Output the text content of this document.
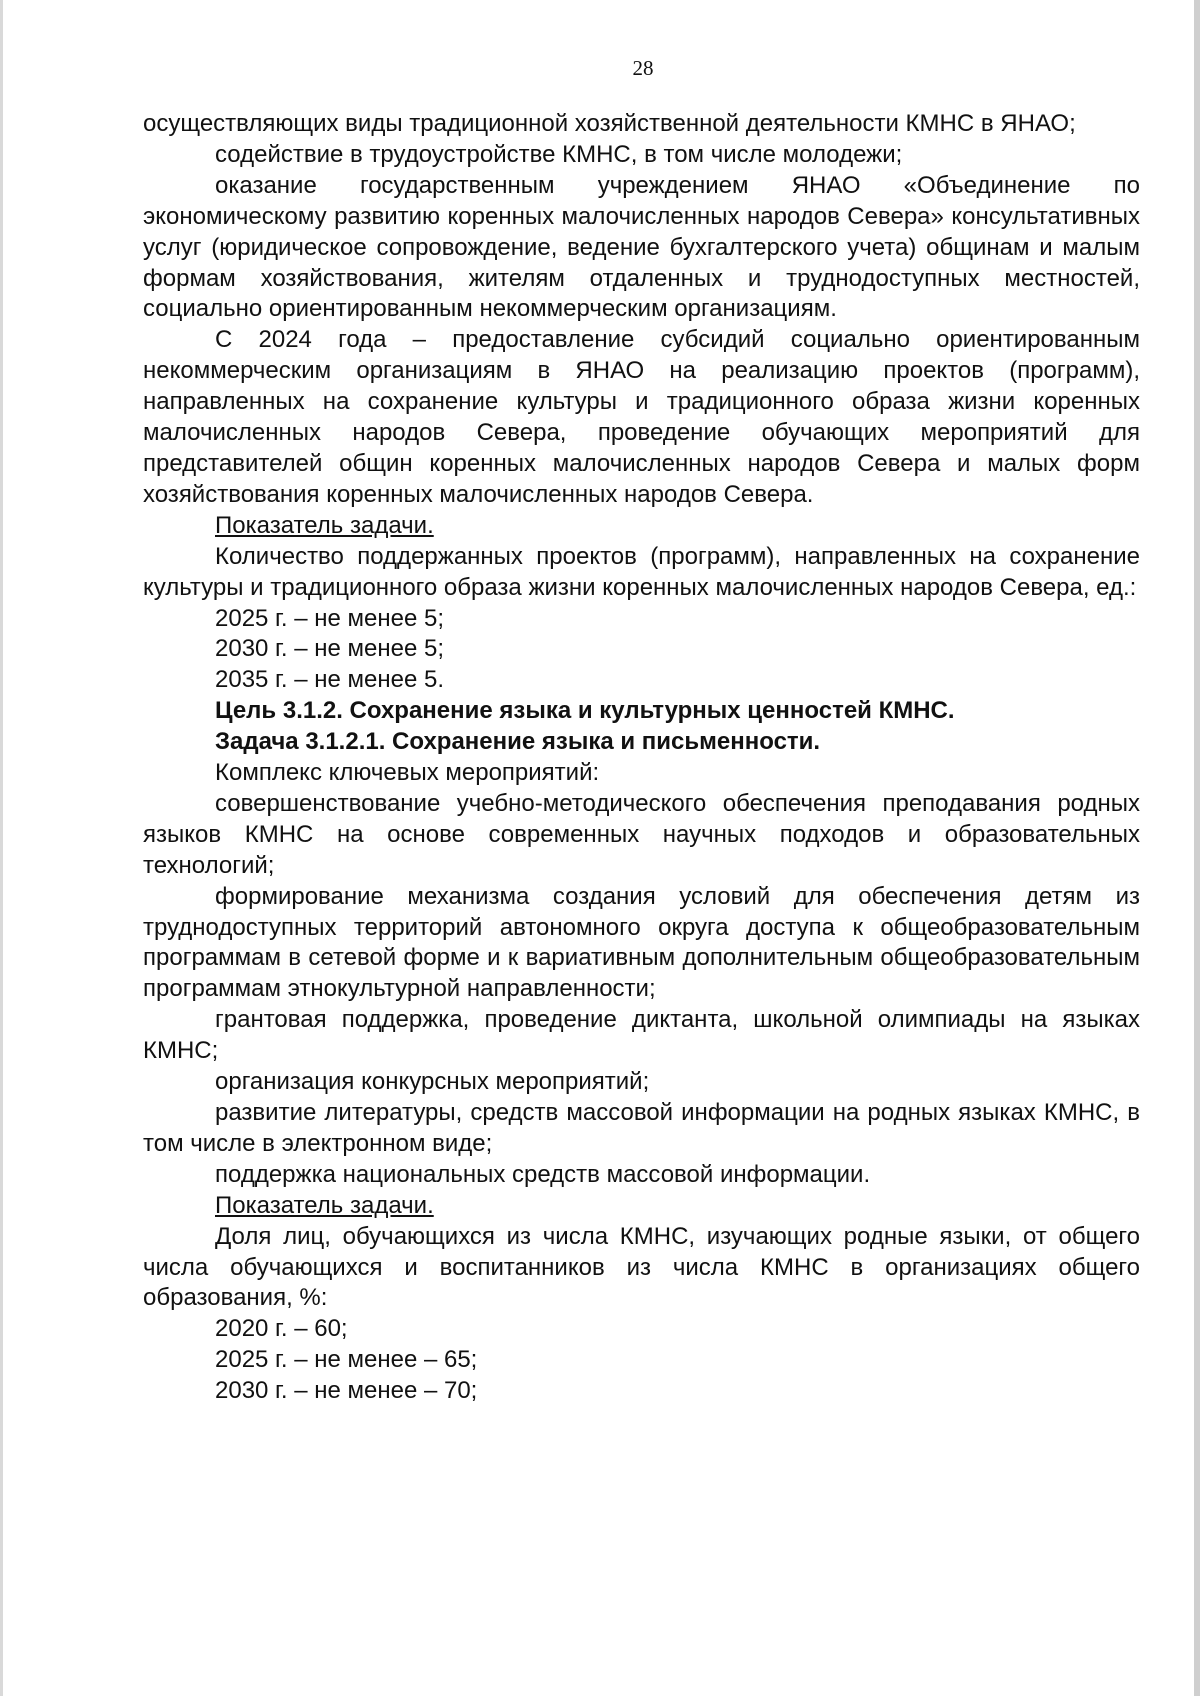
28

осуществляющих виды традиционной хозяйственной деятельности КМНС в ЯНАО;

содействие в трудоустройстве КМНС, в том числе молодежи;

оказание государственным учреждением ЯНАО «Объединение по экономическому развитию коренных малочисленных народов Севера» консультативных услуг (юридическое сопровождение, ведение бухгалтерского учета) общинам и малым формам хозяйствования, жителям отдаленных и труднодоступных местностей, социально ориентированным некоммерческим организациям.

С 2024 года – предоставление субсидий социально ориентированным некоммерческим организациям в ЯНАО на реализацию проектов (программ), направленных на сохранение культуры и традиционного образа жизни коренных малочисленных народов Севера, проведение обучающих мероприятий для представителей общин коренных малочисленных народов Севера и малых форм хозяйствования коренных малочисленных народов Севера.

Показатель задачи.

Количество поддержанных проектов (программ), направленных на сохранение культуры и традиционного образа жизни коренных малочисленных народов Севера, ед.:

2025 г. – не менее 5;

2030 г. – не менее 5;

2035 г. – не менее 5.

Цель 3.1.2. Сохранение языка и культурных ценностей КМНС.

Задача 3.1.2.1. Сохранение языка и письменности.

Комплекс ключевых мероприятий:

совершенствование учебно-методического обеспечения преподавания родных языков КМНС на основе современных научных подходов и образовательных технологий;

формирование механизма создания условий для обеспечения детям из труднодоступных территорий автономного округа доступа к общеобразовательным программам в сетевой форме и к вариативным дополнительным общеобразовательным программам этнокультурной направленности;

грантовая поддержка, проведение диктанта, школьной олимпиады на языках КМНС;

организация конкурсных мероприятий;

развитие литературы, средств массовой информации на родных языках КМНС, в том числе в электронном виде;

поддержка национальных средств массовой информации.

Показатель задачи.

Доля лиц, обучающихся из числа КМНС, изучающих родные языки, от общего числа обучающихся и воспитанников из числа КМНС в организациях общего образования, %:

2020 г. – 60;

2025 г. – не менее – 65;

2030 г. – не менее – 70;
